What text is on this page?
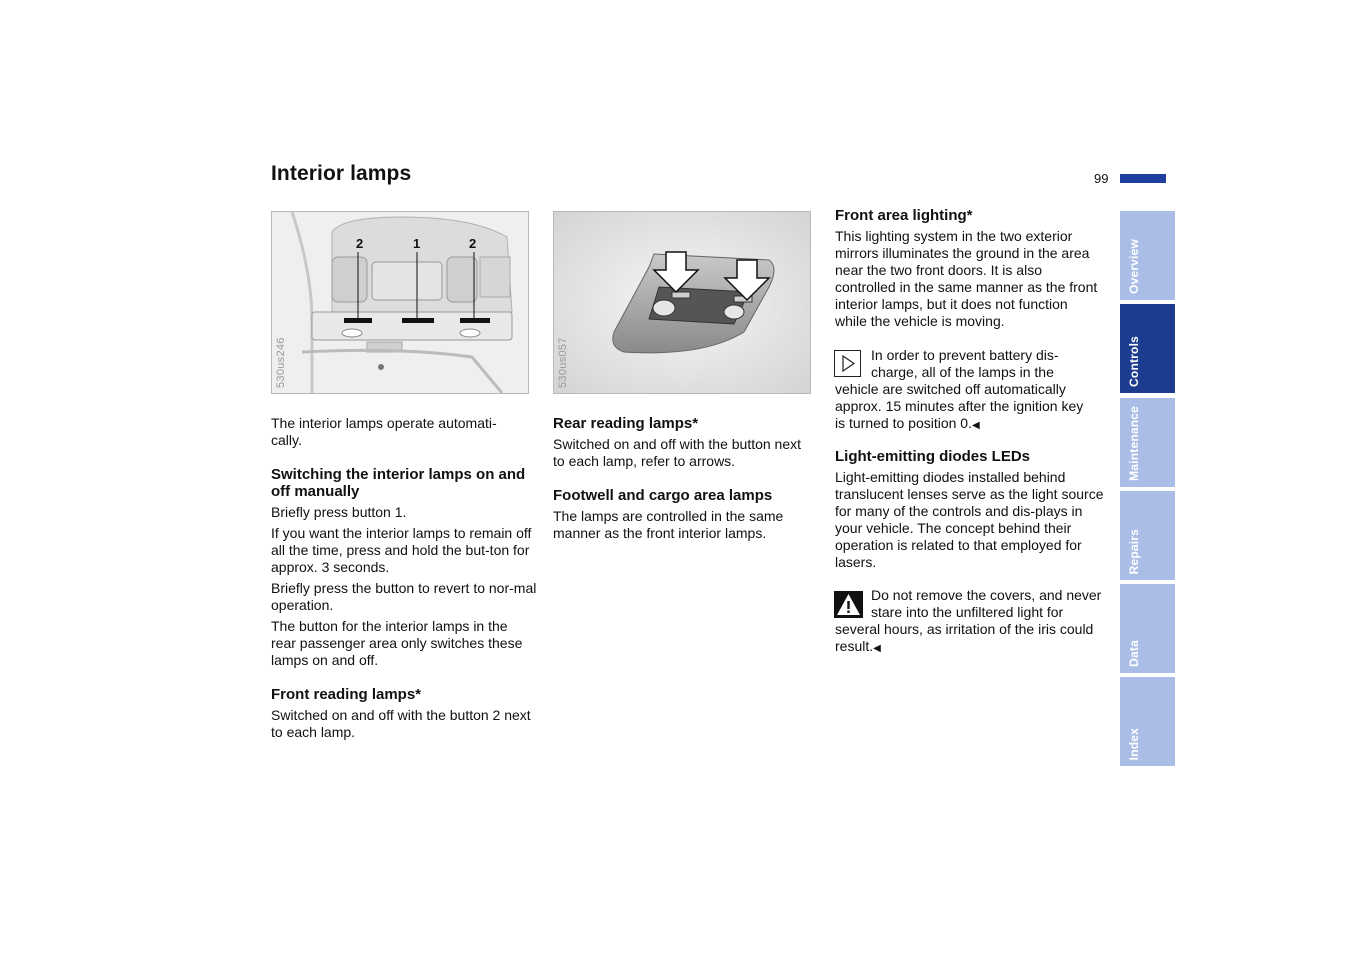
Interior lamps	99
2	1	2
530us246	530us057

The interior lamps operate automati-cally.

Switching the interior lamps on and off manually

Briefly press button 1.

If you want the interior lamps to remain off all the time, press and hold the but-ton for approx. 3 seconds.

Briefly press the button to revert to nor-mal operation.

The button for the interior lamps in the rear passenger area only switches these lamps on and off.

Front reading lamps*

Switched on and off with the button 2 next to each lamp.

Rear reading lamps*

Switched on and off with the button next to each lamp, refer to arrows.

Footwell and cargo area lamps

The lamps are controlled in the same manner as the front interior lamps.

Front area lighting*

This lighting system in the two exterior mirrors illuminates the ground in the area near the two front doors. It is also controlled in the same manner as the front interior lamps, but it does not function while the vehicle is moving.

In order to prevent battery dis-charge, all of the lamps in the vehicle are switched off automatically approx. 15 minutes after the ignition key is turned to position 0.◀
Light-emitting diodes LEDs

Light-emitting diodes installed behind translucent lenses serve as the light source for many of the controls and dis-plays in your vehicle. The concept behind their operation is related to that employed for lasers.

Do not remove the covers, and never stare into the unfiltered light for several hours, as irritation of the iris could result.◀
Overview
Controls
Maintenance
Repairs
Data
Index
